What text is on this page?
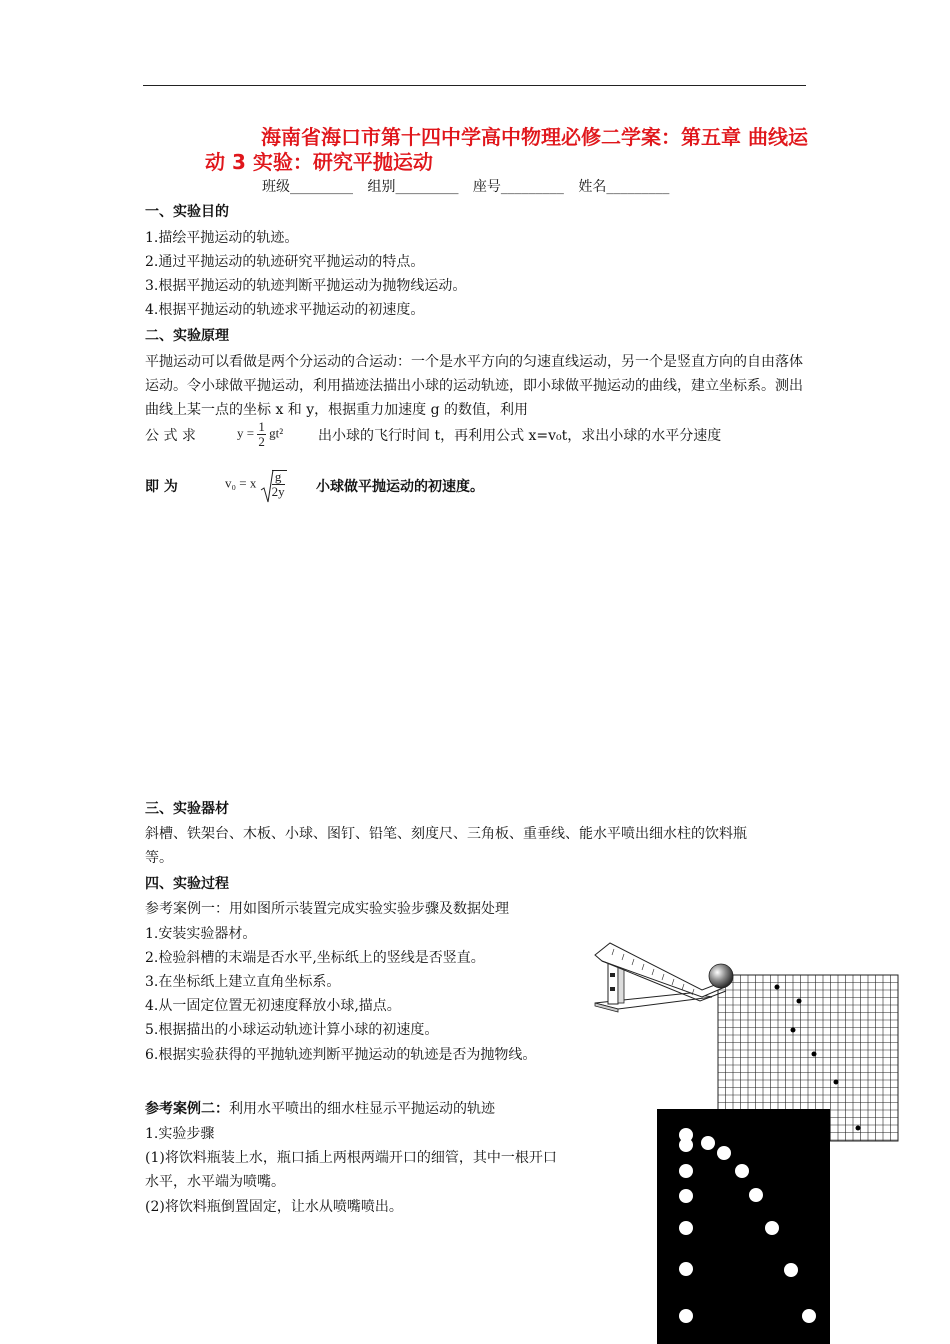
海南省海口市第十四中学高中物理必修二学案：第五章 曲线运
动 3 实验：研究平抛运动
班级_________ 组别_________ 座号_________ 姓名_________
一、实验目的
1.描绘平抛运动的轨迹。
2.通过平抛运动的轨迹研究平抛运动的特点。
3.根据平抛运动的轨迹判断平抛运动为抛物线运动。
4.根据平抛运动的轨迹求平抛运动的初速度。
二、实验原理
平抛运动可以看做是两个分运动的合运动：一个是水平方向的匀速直线运动，另一个是竖直方向的自由落体运动。令小球做平抛运动，利用描迹法描出小球的运动轨迹，即小球做平抛运动的曲线，建立坐标系。测出曲线上某一点的坐标 x 和 y，根据重力加速度 g 的数值，利用
公 式 求	$y = \frac{1}{2} gt^2$ 出小球的飞行时间 t，再利用公式 x=v₀t，求出小球的水平分速度
即 为	v₀ = x $\frac{g}{2y}$ 小球做平抛运动的初速度。
三、实验器材
斜槽、铁架台、木板、小球、图钉、铅笔、刻度尺、三角板、重垂线、能水平喷出细水柱的饮料瓶
等。
四、实验过程
参考案例一：用如图所示装置完成实验实验步骤及数据处理
1.安装实验器材。
2.检验斜槽的末端是否水平,坐标纸上的竖线是否竖直。
3.在坐标纸上建立直角坐标系。
4.从一固定位置无初速度释放小球,描点。
5.根据描出的小球运动轨迹计算小球的初速度。
6.根据实验获得的平抛轨迹判断平抛运动的轨迹是否为抛物线。
参考案例二：利用水平喷出的细水柱显示平抛运动的轨迹
1.实验步骤
(1)将饮料瓶装上水，瓶口插上两根两端开口的细管，其中一根开口
水平，水平端为喷嘴。
(2)将饮料瓶倒置固定，让水从喷嘴喷出。
